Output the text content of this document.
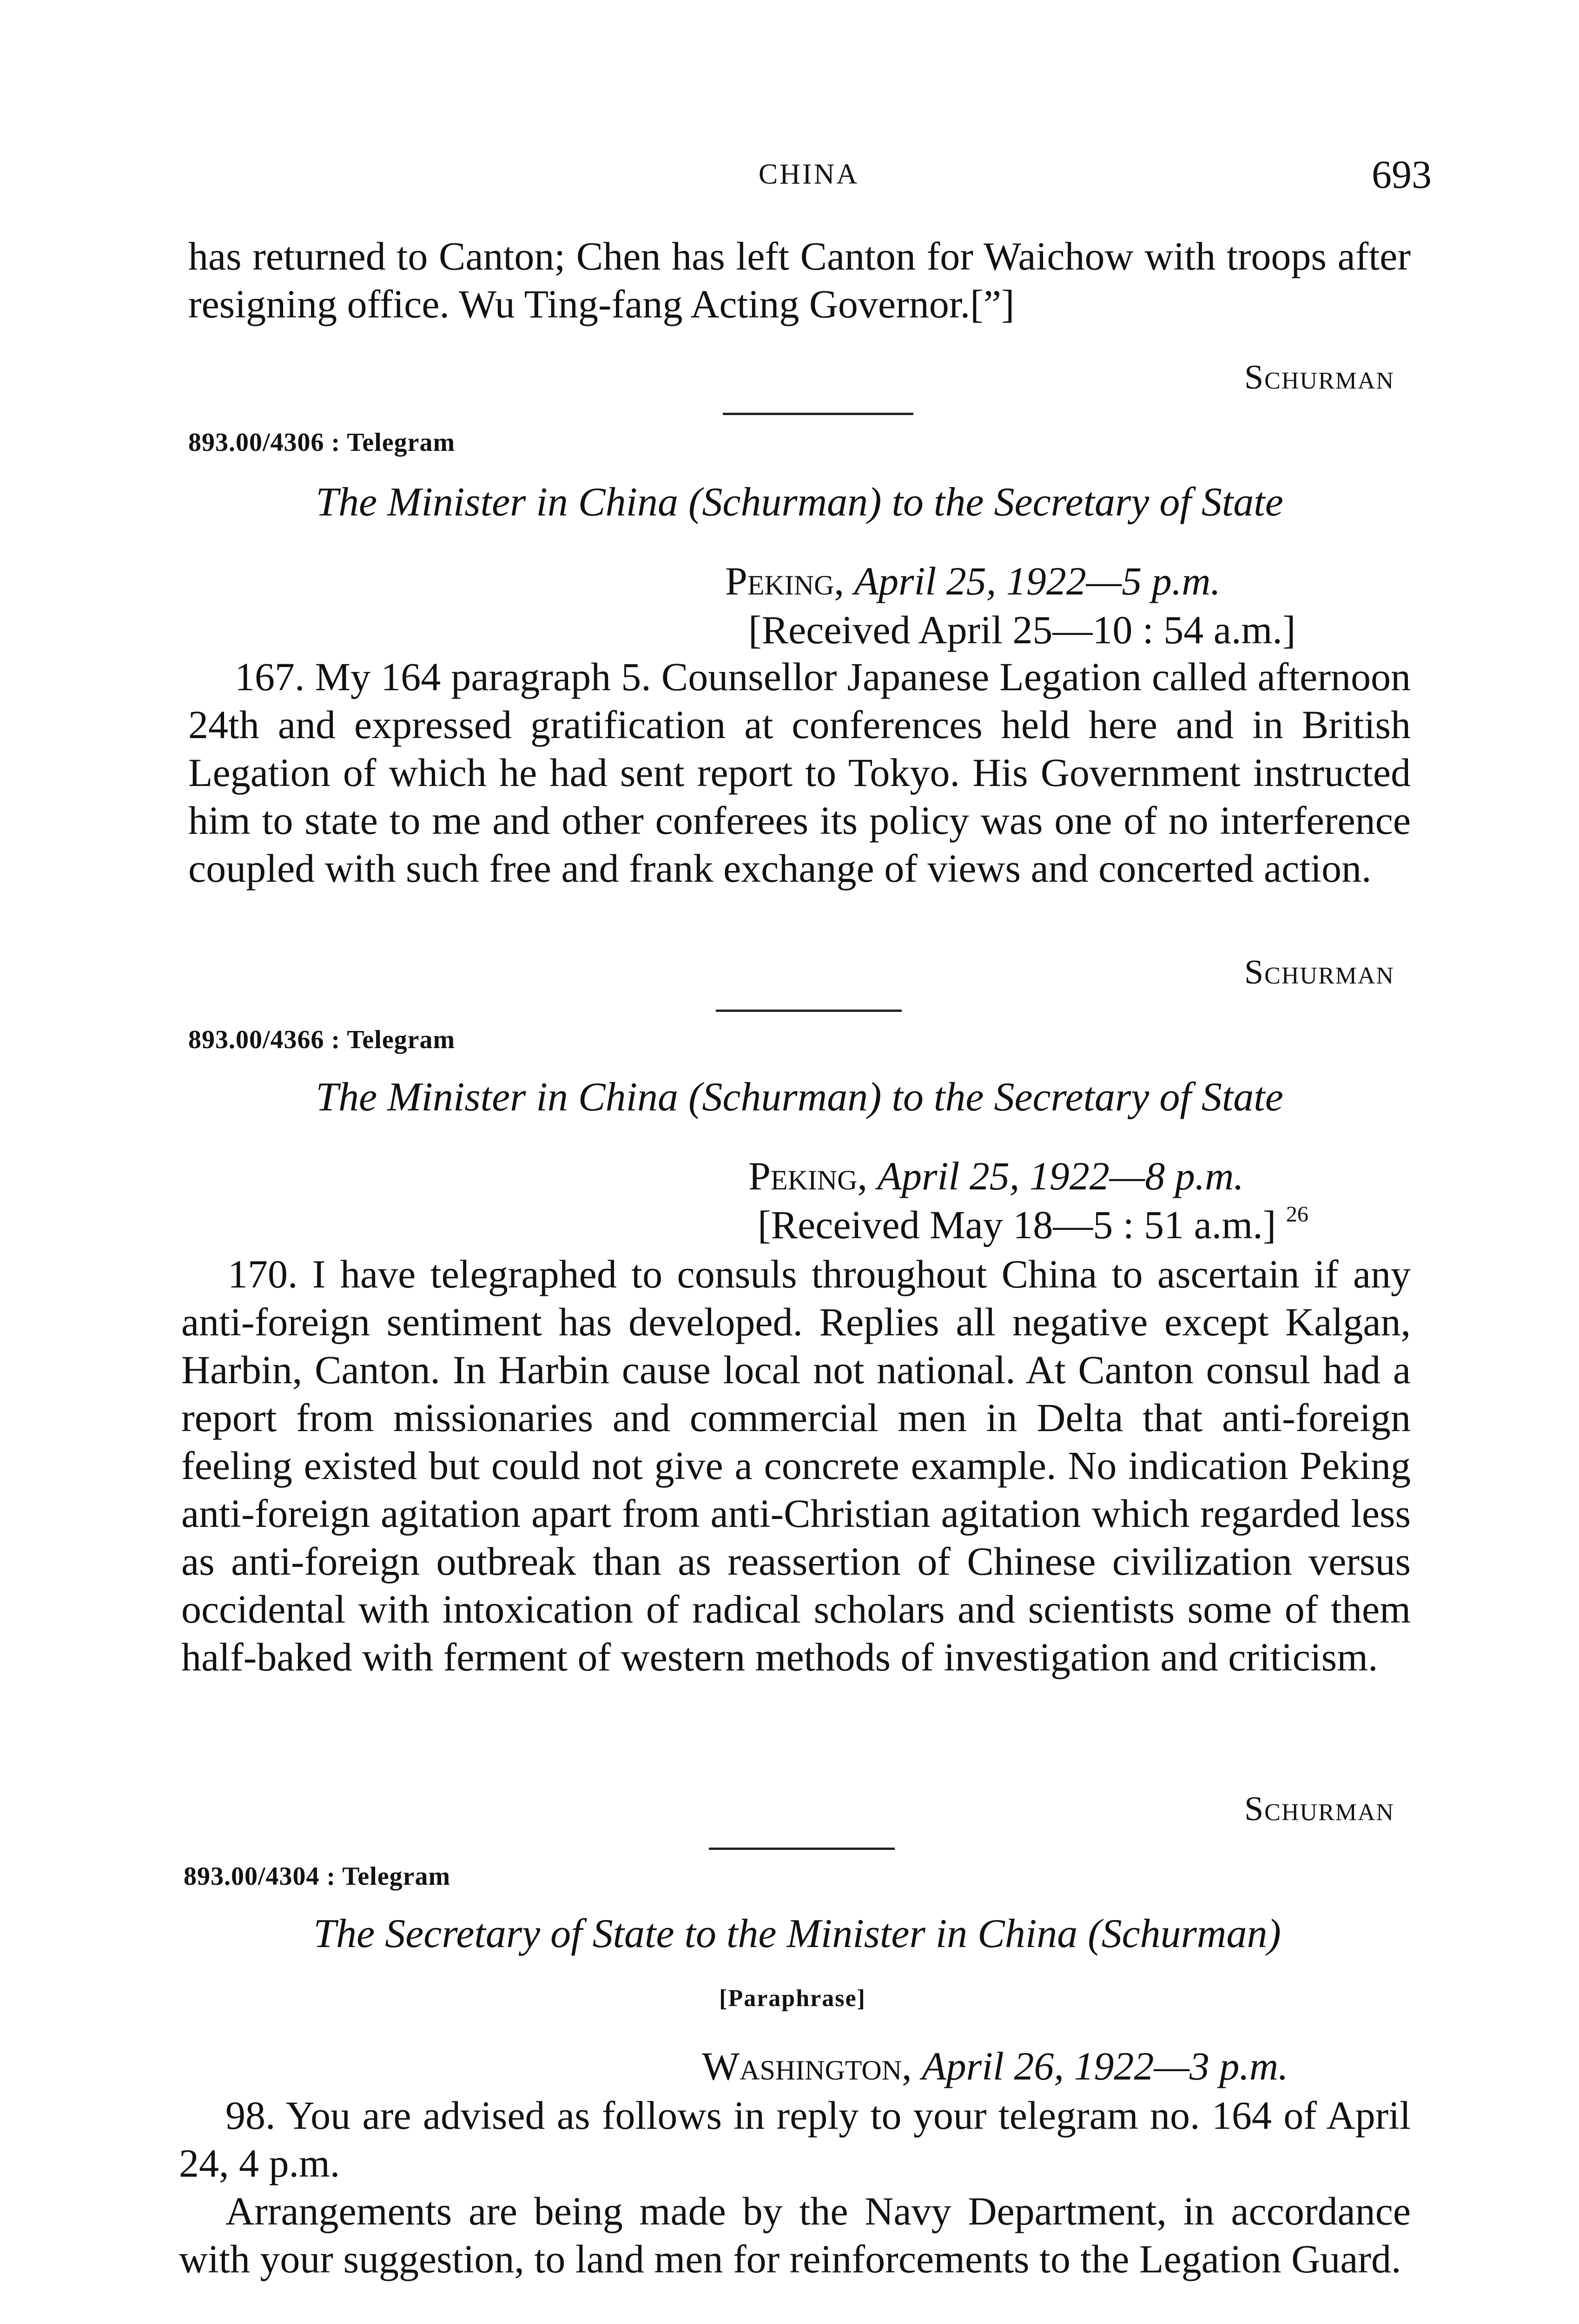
CHINA	693

has returned to Canton; Chen has left Canton for Waichow with troops after resigning office. Wu Ting-fang Acting Governor.[”]

Schurman
893.00/4306 : Telegram
The Minister in China (Schurman) to the Secretary of State
Peking, April 25, 1922—5 p.m.
[Received April 25—10 : 54 a.m.]

167. My 164 paragraph 5. Counsellor Japanese Legation called afternoon 24th and expressed gratification at conferences held here and in British Legation of which he had sent report to Tokyo. His Government instructed him to state to me and other conferees its policy was one of no interference coupled with such free and frank exchange of views and concerted action.

Schurman
893.00/4366 : Telegram
The Minister in China (Schurman) to the Secretary of State
Peking, April 25, 1922—8 p.m.
[Received May 18—5 : 51 a.m.] $^{26}$

170. I have telegraphed to consuls throughout China to ascertain if any anti-foreign sentiment has developed. Replies all negative except Kalgan, Harbin, Canton. In Harbin cause local not national. At Canton consul had a report from missionaries and commercial men in Delta that anti-foreign feeling existed but could not give a concrete example. No indication Peking anti-foreign agitation apart from anti-Christian agitation which regarded less as anti-foreign outbreak than as reassertion of Chinese civilization versus occidental with intoxication of radical scholars and scientists some of them half-baked with ferment of western methods of investigation and criticism.

Schurman
893.00/4304 : Telegram
The Secretary of State to the Minister in China (Schurman)
[Paraphrase]
Washington, April 26, 1922—3 p.m.

98. You are advised as follows in reply to your telegram no. 164 of April 24, 4 p.m.

Arrangements are being made by the Navy Department, in accordance with your suggestion, to land men for reinforcements to the Legation Guard.
